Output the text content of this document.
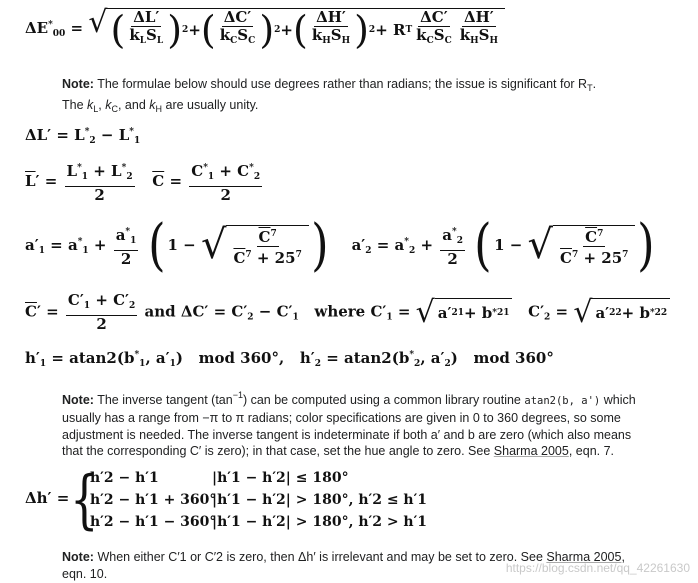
$\Delta E^*_{00}$ = √ ( $\frac{\Delta L'}{k_LS_L}$ ) 2 + ( $\frac{\Delta C'}{k_CS_C}$ ) 2 + ( $\frac{\Delta H'}{k_HS_H}$ ) 2 + R T $\frac{\Delta C'}{k_CS_C} \frac{\Delta H'}{k_HS_H}$
Note: The formulae below should use degrees rather than radians; the issue is significant for $R_T$.
The $k_L$, $k_C$, and $k_H$ are usually unity.
$\Delta L' = L^*_2 - L^*_1$
$\overline{L}' = \frac{L^*_1 + L^*_2}{2} \overline{C} = \frac{C^*_1 + C^*_2}{2}$
$a'_1 = a^*_1 + \frac{a^*_1}{2}$ ( 1 − √ $\frac{C^7}{\overline{C}^7 + 25^7}$ )    $a'_2 = a^*_2 + \frac{a^*_2}{2}$ ( 1 − √ $\frac{C^7}{\overline{C}^7 + 25^7}$ )
$\overline{C}' = \frac{C'_1 + C'_2}{2}$ and $\Delta C' = C'_2 - C'_1$ where $C'_1$ = √ a′ 2 1 + b *2 1 $C'_2$ = √ a′ 2 2 + b *2 2
$h'_1 = atan2(b^*_1$, $a'_1$)   mod 360°,   $h'_2 = atan2(b^*_2$, $a'_2$)   mod 360°
Note: The inverse tangent $(\tan^{-1})$ can be computed using a common library routine atan2(b, a') which
usually has a range from −π to π radians; color specifications are given in 0 to 360 degrees, so some
adjustment is needed. The inverse tangent is indeterminate if both a′ and b are zero (which also means
that the corresponding C′ is zero); in that case, set the hue angle to zero. See Sharma 2005, eqn. 7.
Δh′ = {
h′2 − h′1	|h′1 − h′2| ≤ 180°
h′2 − h′1 + 360°
|h′1 − h′2| > 180°, h′2 ≤ h′1
h′2 − h′1 − 360°
|h′1 − h′2| > 180°, h′2 > h′1
Note: When either C′1 or C′2 is zero, then Δh′ is irrelevant and may be set to zero. See Sharma 2005,
eqn. 10.	https://blog.csdn.net/qq_42261630
